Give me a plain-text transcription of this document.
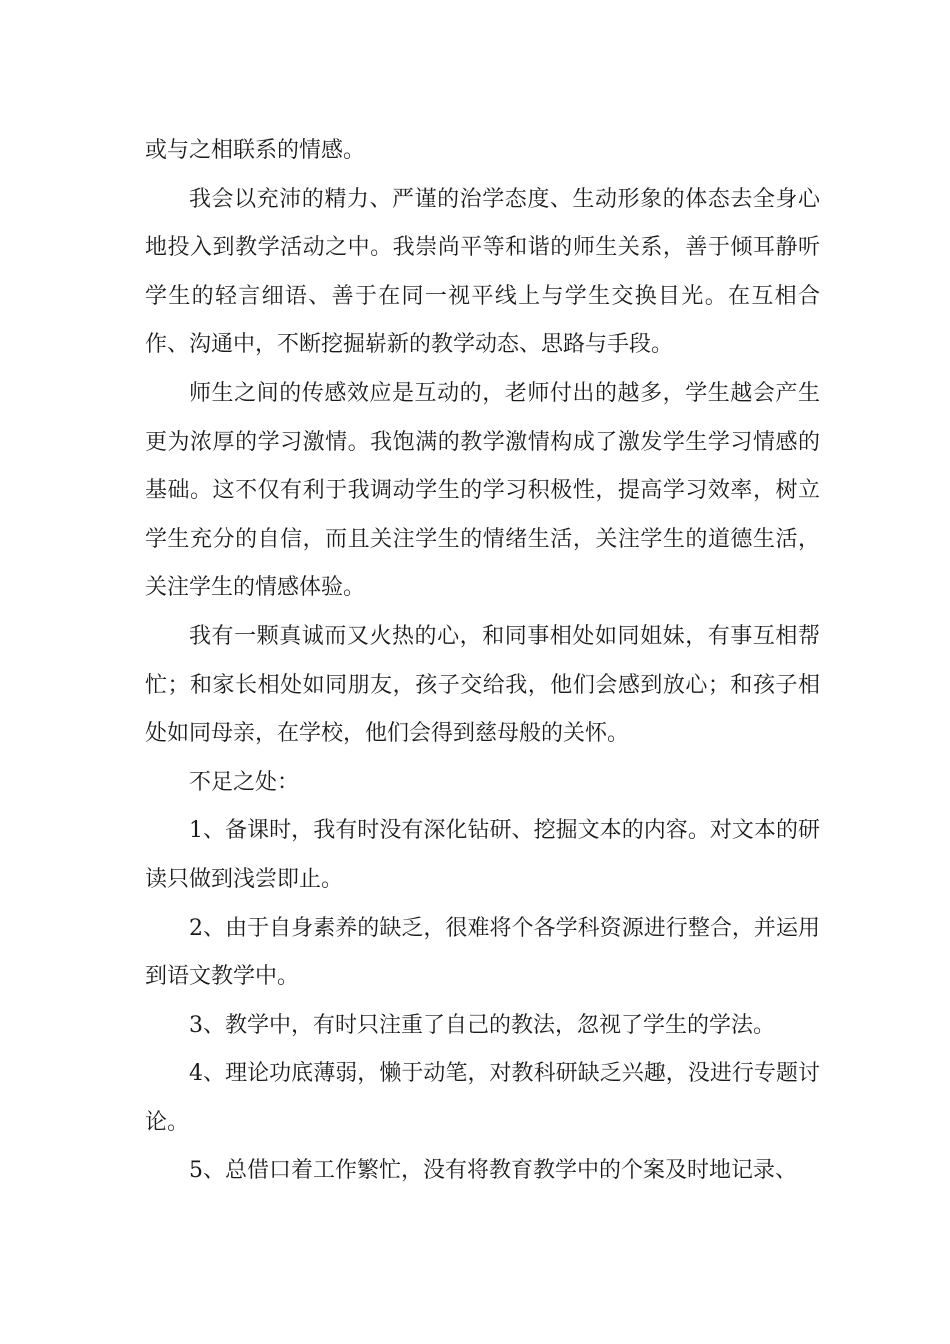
或与之相联系的情感。

我会以充沛的精力、严谨的治学态度、生动形象的体态去全身心地投入到教学活动之中。我崇尚平等和谐的师生关系，善于倾耳静听学生的轻言细语、善于在同一视平线上与学生交换目光。在互相合作、沟通中，不断挖掘崭新的教学动态、思路与手段。

师生之间的传感效应是互动的，老师付出的越多，学生越会产生更为浓厚的学习激情。我饱满的教学激情构成了激发学生学习情感的基础。这不仅有利于我调动学生的学习积极性，提高学习效率，树立学生充分的自信，而且关注学生的情绪生活，关注学生的道德生活，关注学生的情感体验。

我有一颗真诚而又火热的心，和同事相处如同姐妹，有事互相帮忙；和家长相处如同朋友，孩子交给我，他们会感到放心；和孩子相处如同母亲，在学校，他们会得到慈母般的关怀。

不足之处：

1、备课时，我有时没有深化钻研、挖掘文本的内容。对文本的研读只做到浅尝即止。

2、由于自身素养的缺乏，很难将个各学科资源进行整合，并运用到语文教学中。

3、教学中，有时只注重了自己的教法，忽视了学生的学法。

4、理论功底薄弱，懒于动笔，对教科研缺乏兴趣，没进行专题讨论。

5、总借口着工作繁忙，没有将教育教学中的个案及时地记录、
